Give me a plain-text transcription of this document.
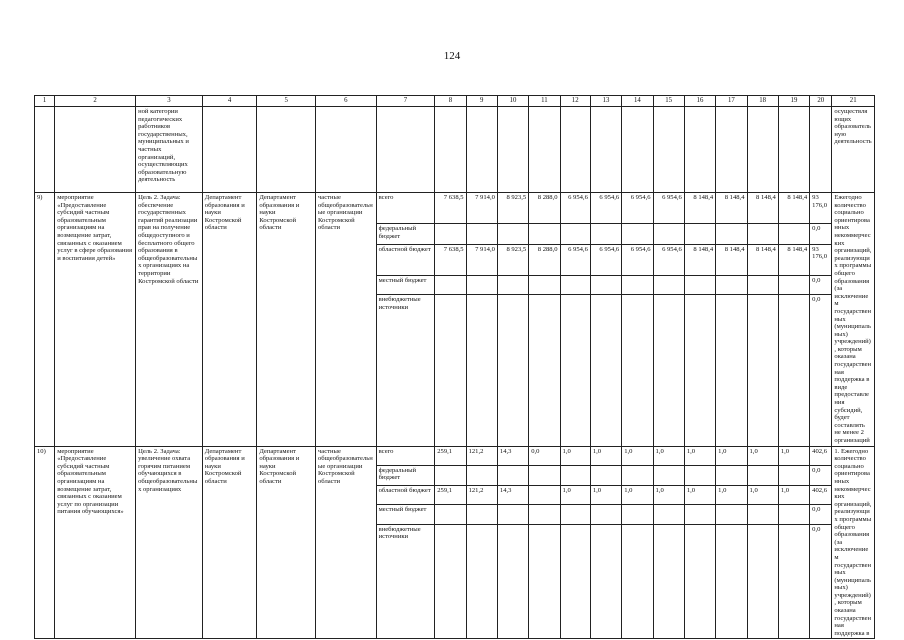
124
1	2	3	4	5	6	7	8	9	10	11	12	13	14	15	16	17	18	19	20	21
		ной категории педагогических работников государственных, муниципальных и частных организаций, осуществляющих образовательную деятельность																		осуществляющих образовательную деятельность
9)	мероприятие «Предоставление субсидий частным образовательным организациям на возмещение затрат, связанных с оказанием услуг в сфере образования и воспитания детей»	Цель 2. Задача: обеспечение государственных гарантий реализации прав на получение общедоступного и бесплатного общего образования в общеобразовательных организациях на территории Костромской области	Департамент образования и науки Костромской области	Департамент образования и науки Костромской области	частные общеобразовательные организации Костромской области	всего	7 638,5	7 914,0	8 923,5	8 288,0	6 954,6	6 954,6	6 954,6	6 954,6	8 148,4	8 148,4	8 148,4	8 148,4	93 176,0	Ежегодно количество социально ориентированных некоммерческих организаций, реализующих программы общего образования (за исключением государственных (муниципальных) учреждений), которым оказана государственная поддержка в виде предоставления субсидий, будет составлять не менее 2 организаций
						федеральный бюджет													0,0	
						областной бюджет	7 638,5	7 914,0	8 923,5	8 288,0	6 954,6	6 954,6	6 954,6	6 954,6	8 148,4	8 148,4	8 148,4	8 148,4	93 176,0	
						местный бюджет													0,0	
						внебюджетные источники													0,0	
10)	мероприятие «Предоставление субсидий частным образовательным организациям на возмещение затрат, связанных с оказанием услуг по организации питания обучающихся»	Цель 2. Задача: увеличение охвата горячим питанием обучающихся в общеобразовательных организациях	Департамент образования и науки Костромской области	Департамент образования и науки Костромской области	частные общеобразовательные организации Костромской области	всего	259,1	121,2	14,3	0,0	1,0	1,0	1,0	1,0	1,0	1,0	1,0	1,0	402,6	1. Ежегодно количество социально ориентированных некоммерческих организаций, реализующих программы общего образования (за исключением государственных (муниципальных) учреждений), которым оказана государственная поддержка в
						федеральный бюджет													0,0	
						областной бюджет	259,1	121,2	14,3		1,0	1,0	1,0	1,0	1,0	1,0	1,0	1,0	402,6	
						местный бюджет													0,0	
						внебюджетные источники													0,0	
